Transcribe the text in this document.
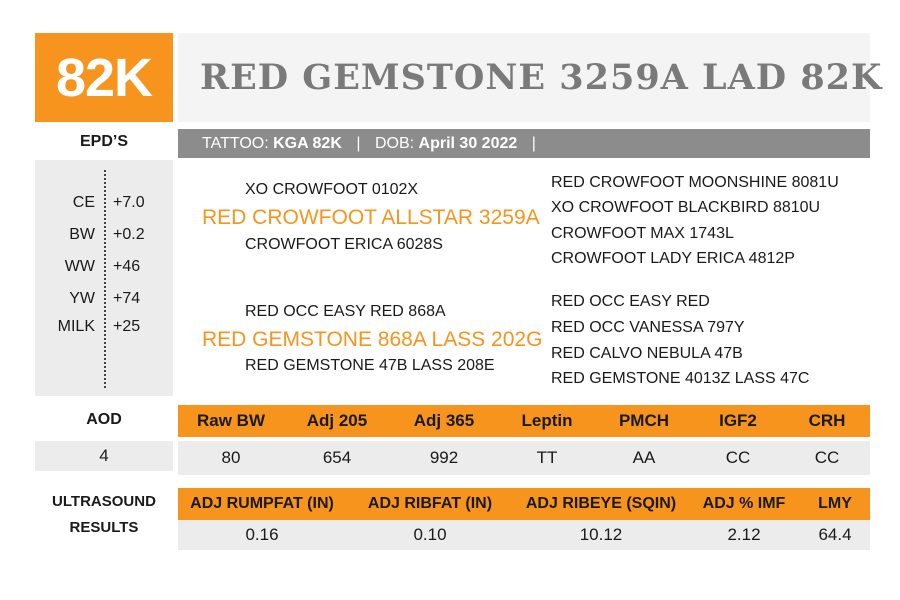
82K
EPD’S
CE +7.0
BW +0.2
WW +46
YW +74
MILK +25
AOD
4
ULTRASOUND
RESULTS
RED GEMSTONE 3259A LAD 82K
TATTOO: KGA 82K | DOB: April 30 2022 |
XO CROWFOOT 0102X
RED CROWFOOT ALLSTAR 3259A
CROWFOOT ERICA 6028S
RED CROWFOOT MOONSHINE 8081U
XO CROWFOOT BLACKBIRD 8810U
CROWFOOT MAX 1743L
CROWFOOT LADY ERICA 4812P
RED OCC EASY RED 868A
RED GEMSTONE 868A LASS 202G
RED GEMSTONE 47B LASS 208E
RED OCC EASY RED
RED OCC VANESSA 797Y
RED CALVO NEBULA 47B
RED GEMSTONE 4013Z LASS 47C
Raw BW	Adj 205	Adj 365	Leptin	PMCH	IGF2	CRH
80	654	992	TT	AA	CC	CC
ADJ RUMPFAT (IN)	ADJ RIBFAT (IN)	ADJ RIBEYE (SQIN)	ADJ % IMF	LMY
0.16	0.10	10.12	2.12	64.4
